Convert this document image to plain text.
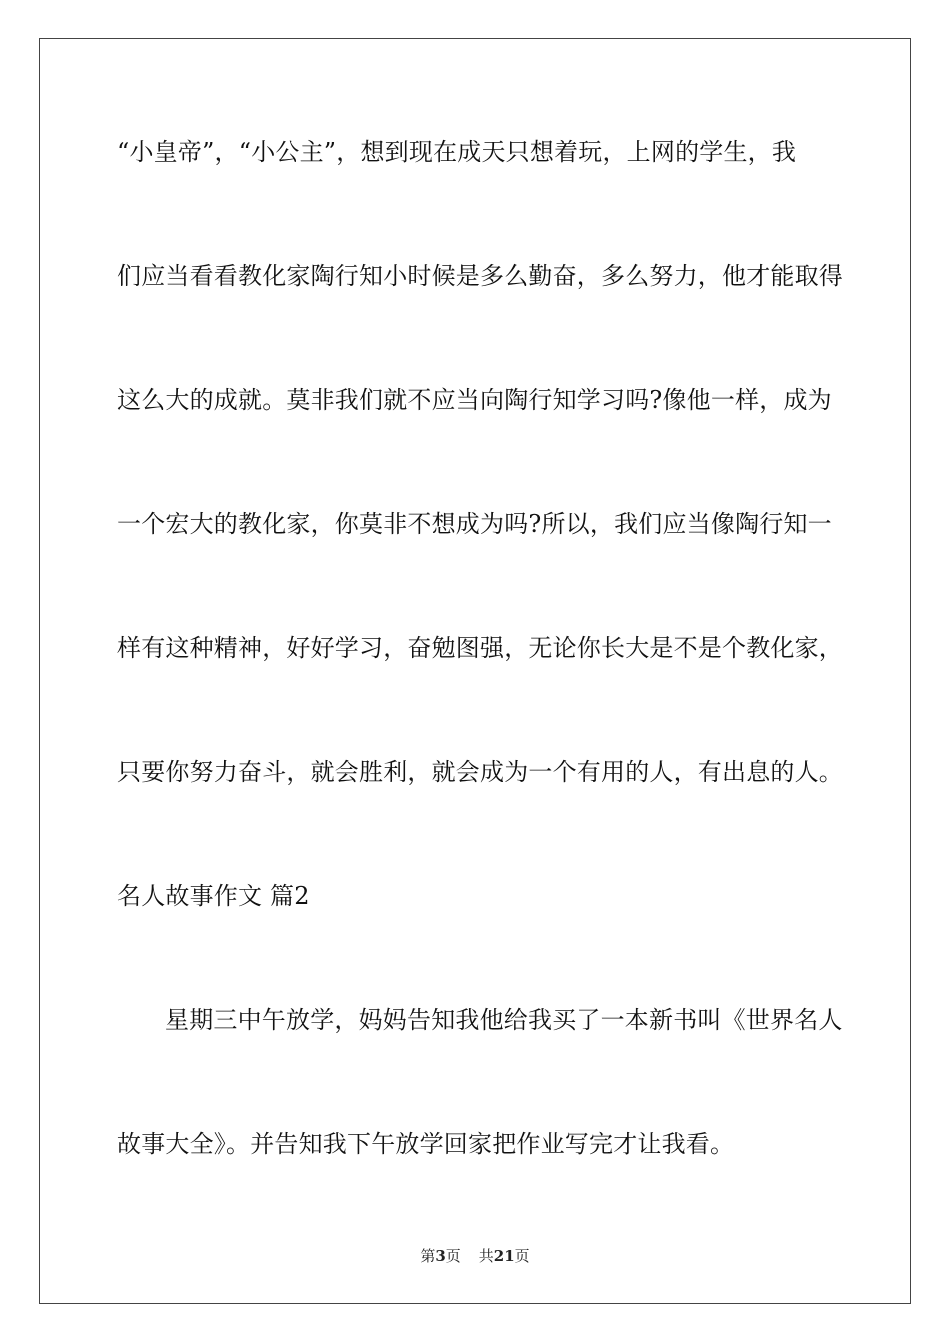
“小皇帝”，“小公主”，想到现在成天只想着玩，上网的学生，我

们应当看看教化家陶行知小时候是多么勤奋，多么努力，他才能取得

这么大的成就。莫非我们就不应当向陶行知学习吗?像他一样，成为

一个宏大的教化家，你莫非不想成为吗?所以，我们应当像陶行知一

样有这种精神，好好学习，奋勉图强，无论你长大是不是个教化家，

只要你努力奋斗，就会胜利，就会成为一个有用的人，有出息的人。

名人故事作文 篇2

星期三中午放学，妈妈告知我他给我买了一本新书叫《世界名人

故事大全》。并告知我下午放学回家把作业写完才让我看。

第3页 共21页
